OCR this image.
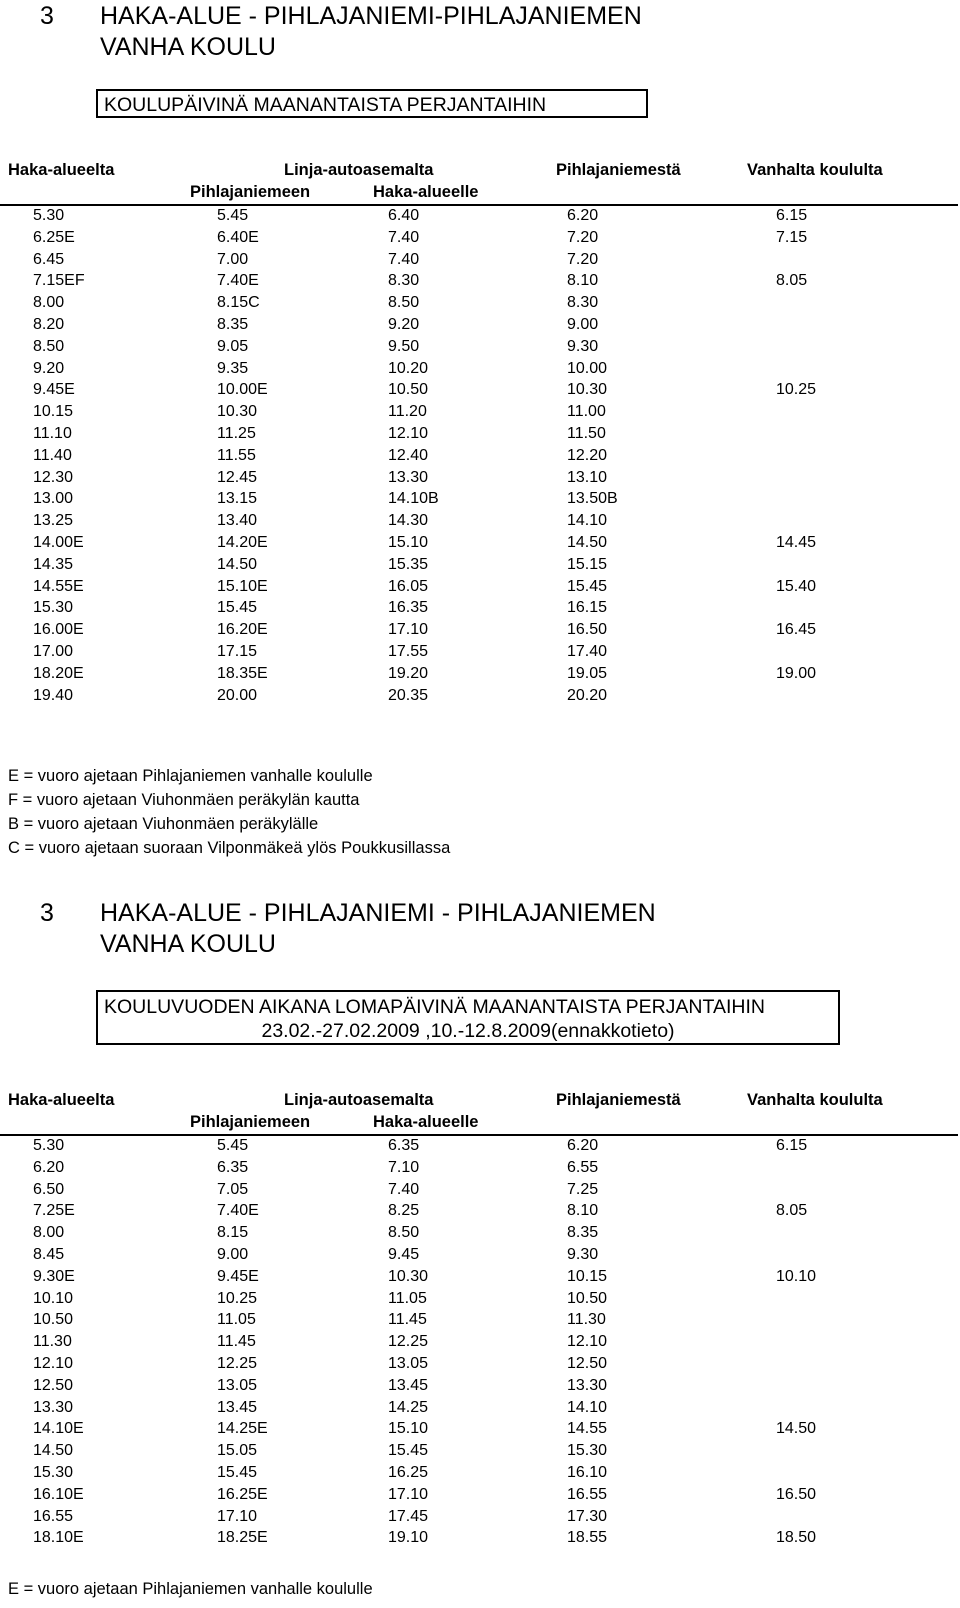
3 HAKA-ALUE - PIHLAJANIEMI-PIHLAJANIEMEN
VANHA KOULU
KOULUPÄIVINÄ MAANANTAISTA PERJANTAIHIN
Haka-alueelta	Linja-autoasemalta	Pihlajaniemestä	Vanhalta koululta
Pihlajaniemeen	Haka-alueelle
5.30	5.45	6.40	6.20	6.15
6.25E	6.40E	7.40	7.20	7.15
6.45	7.00	7.40	7.20
7.15EF	7.40E	8.30	8.10	8.05
8.00	8.15C	8.50	8.30
8.20	8.35	9.20	9.00
8.50	9.05	9.50	9.30
9.20	9.35	10.20	10.00
9.45E	10.00E	10.50	10.30	10.25
10.15	10.30	11.20	11.00
11.10	11.25	12.10	11.50
11.40	11.55	12.40	12.20
12.30	12.45	13.30	13.10
13.00	13.15	14.10B	13.50B
13.25	13.40	14.30	14.10
14.00E	14.20E	15.10	14.50	14.45
14.35	14.50	15.35	15.15
14.55E	15.10E	16.05	15.45	15.40
15.30	15.45	16.35	16.15
16.00E	16.20E	17.10	16.50	16.45
17.00	17.15	17.55	17.40
18.20E	18.35E	19.20	19.05	19.00
19.40	20.00	20.35	20.20
E = vuoro ajetaan Pihlajaniemen vanhalle koululle
F = vuoro ajetaan Viuhonmäen peräkylän kautta
B = vuoro ajetaan Viuhonmäen peräkylälle
C = vuoro ajetaan suoraan Vilponmäkeä ylös Poukkusillassa
3 HAKA-ALUE - PIHLAJANIEMI - PIHLAJANIEMEN
VANHA KOULU
KOULUVUODEN AIKANA LOMAPÄIVINÄ MAANANTAISTA PERJANTAIHIN
23.02.-27.02.2009 ,10.-12.8.2009(ennakkotieto)
Haka-alueelta	Linja-autoasemalta	Pihlajaniemestä	Vanhalta koululta
Pihlajaniemeen	Haka-alueelle
5.30	5.45	6.35	6.20	6.15
6.20	6.35	7.10	6.55
6.50	7.05	7.40	7.25
7.25E	7.40E	8.25	8.10	8.05
8.00	8.15	8.50	8.35
8.45	9.00	9.45	9.30
9.30E	9.45E	10.30	10.15	10.10
10.10	10.25	11.05	10.50
10.50	11.05	11.45	11.30
11.30	11.45	12.25	12.10
12.10	12.25	13.05	12.50
12.50	13.05	13.45	13.30
13.30	13.45	14.25	14.10
14.10E	14.25E	15.10	14.55	14.50
14.50	15.05	15.45	15.30
15.30	15.45	16.25	16.10
16.10E	16.25E	17.10	16.55	16.50
16.55	17.10	17.45	17.30
18.10E	18.25E	19.10	18.55	18.50
E = vuoro ajetaan Pihlajaniemen vanhalle koululle
